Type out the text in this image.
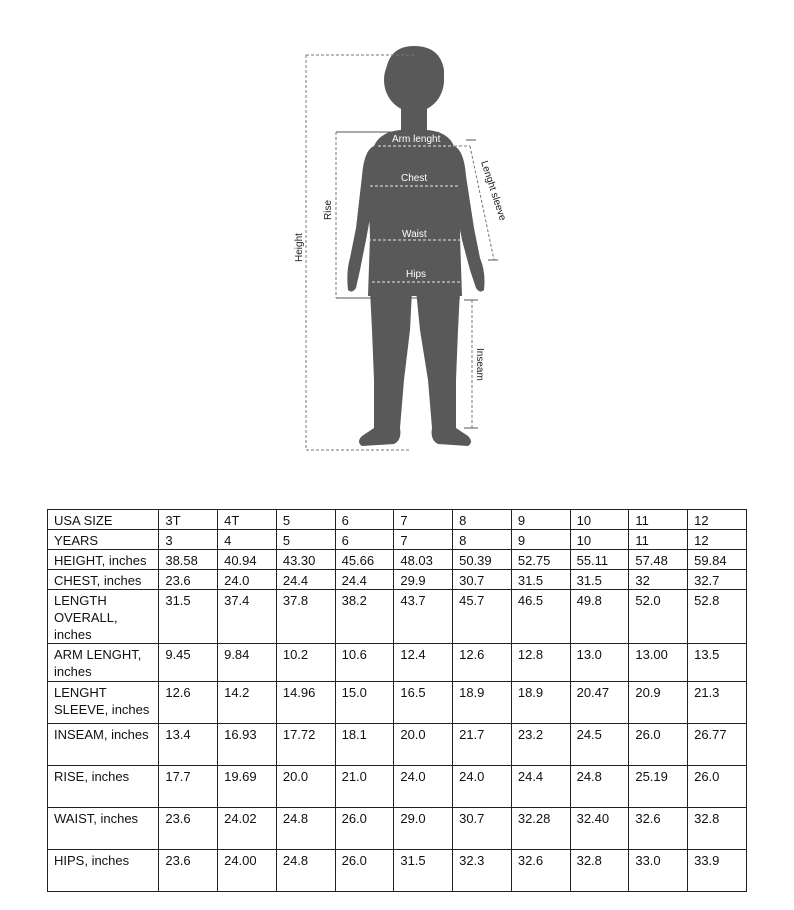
Height
Rise
Arm lenght
Chest
Waist
Hips
Lenght sleeve
Inseam
USA SIZE	3T	4T	5	6	7	8	9	10	11	12
YEARS	3	4	5	6	7	8	9	10	11	12
HEIGHT, inches	38.58	40.94	43.30	45.66	48.03	50.39	52.75	55.11	57.48	59.84
CHEST, inches	23.6	24.0	24.4	24.4	29.9	30.7	31.5	31.5	32	32.7
LENGTH OVERALL, inches	31.5	37.4	37.8	38.2	43.7	45.7	46.5	49.8	52.0	52.8
ARM LENGHT, inches	9.45	9.84	10.2	10.6	12.4	12.6	12.8	13.0	13.00	13.5
LENGHT SLEEVE, inches	12.6	14.2	14.96	15.0	16.5	18.9	18.9	20.47	20.9	21.3
INSEAM, inches	13.4	16.93	17.72	18.1	20.0	21.7	23.2	24.5	26.0	26.77
RISE, inches	17.7	19.69	20.0	21.0	24.0	24.0	24.4	24.8	25.19	26.0
WAIST, inches	23.6	24.02	24.8	26.0	29.0	30.7	32.28	32.40	32.6	32.8
HIPS, inches	23.6	24.00	24.8	26.0	31.5	32.3	32.6	32.8	33.0	33.9
